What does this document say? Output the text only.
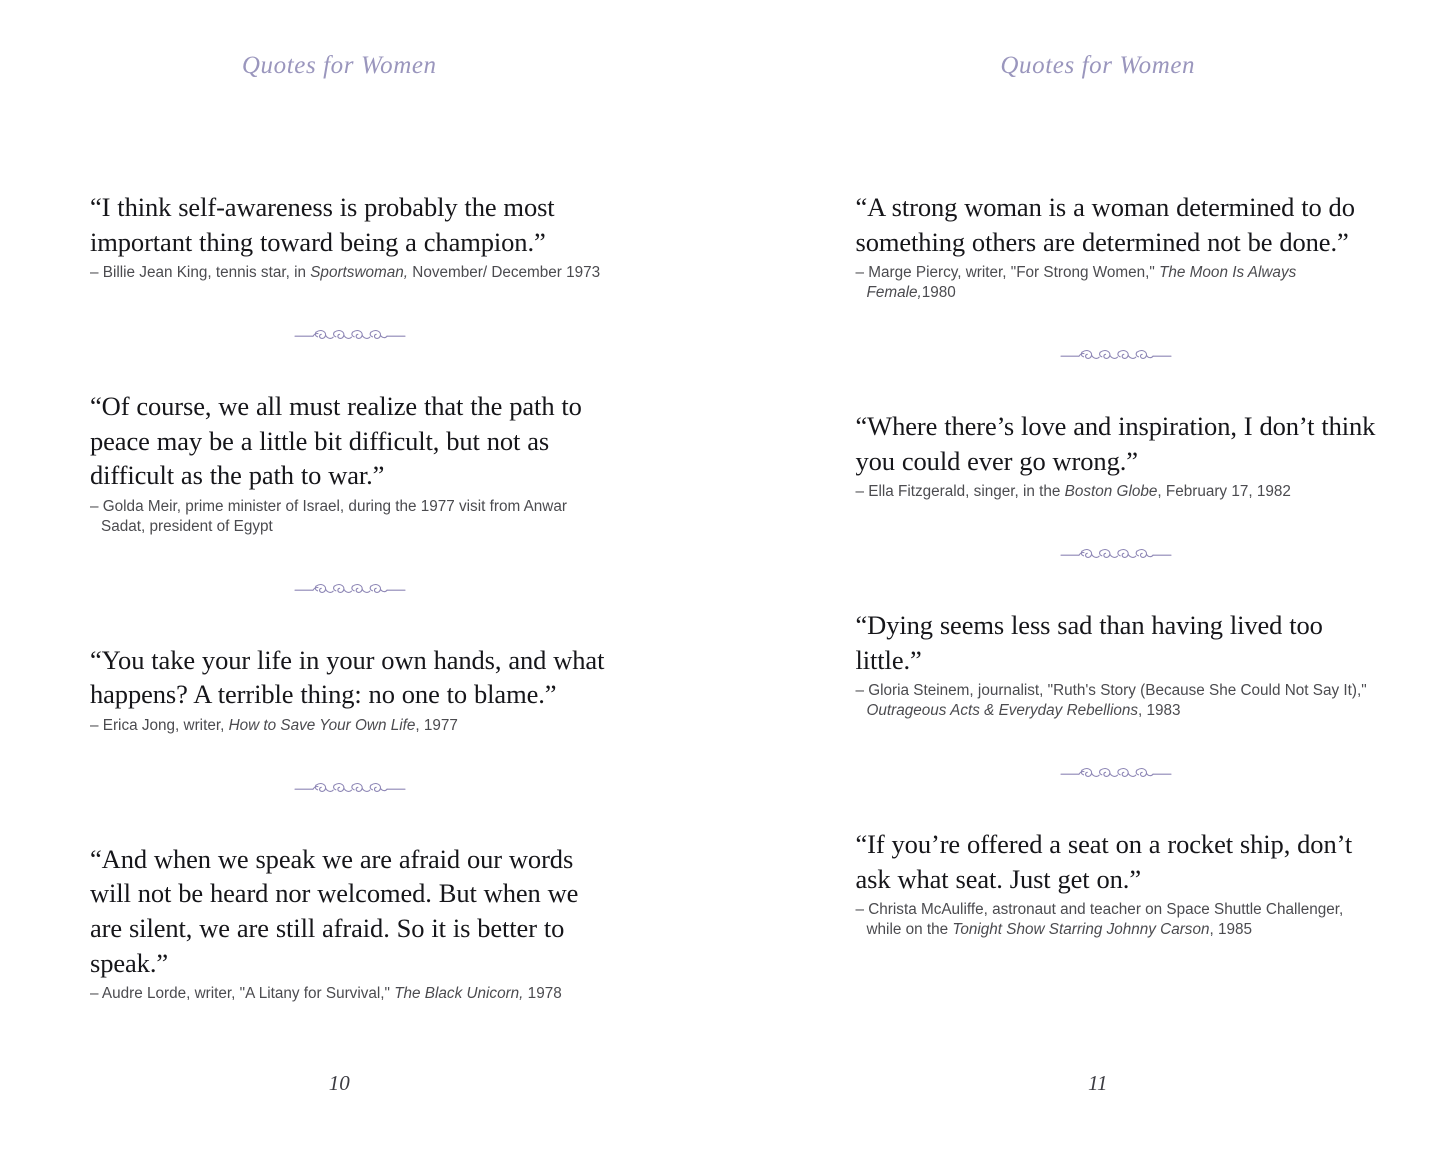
Quotes for Women

“I think self-awareness is probably the most important thing toward being a champion.”

– Billie Jean King, tennis star, in Sportswoman, November/ December 1973

“Of course, we all must realize that the path to peace may be a little bit difficult, but not as difficult as the path to war.”

– Golda Meir, prime minister of Israel, during the 1977 visit from Anwar Sadat, president of Egypt

“You take your life in your own hands, and what happens? A terrible thing: no one to blame.”

– Erica Jong, writer, How to Save Your Own Life, 1977

“And when we speak we are afraid our words will not be heard nor welcomed. But when we are silent, we are still afraid. So it is better to speak.”

– Audre Lorde, writer, "A Litany for Survival," The Black Unicorn, 1978

10
Quotes for Women

“A strong woman is a woman determined to do something others are determined not be done.”

– Marge Piercy, writer, "For Strong Women," The Moon Is Always Female,1980

“Where there’s love and inspiration, I don’t think you could ever go wrong.”

– Ella Fitzgerald, singer, in the Boston Globe, February 17, 1982

“Dying seems less sad than having lived too little.”

– Gloria Steinem, journalist, "Ruth's Story (Because She Could Not Say It)," Outrageous Acts & Everyday Rebellions, 1983

“If you’re offered a seat on a rocket ship, don’t ask what seat. Just get on.”

– Christa McAuliffe, astronaut and teacher on Space Shuttle Challenger, while on the Tonight Show Starring Johnny Carson, 1985

11
